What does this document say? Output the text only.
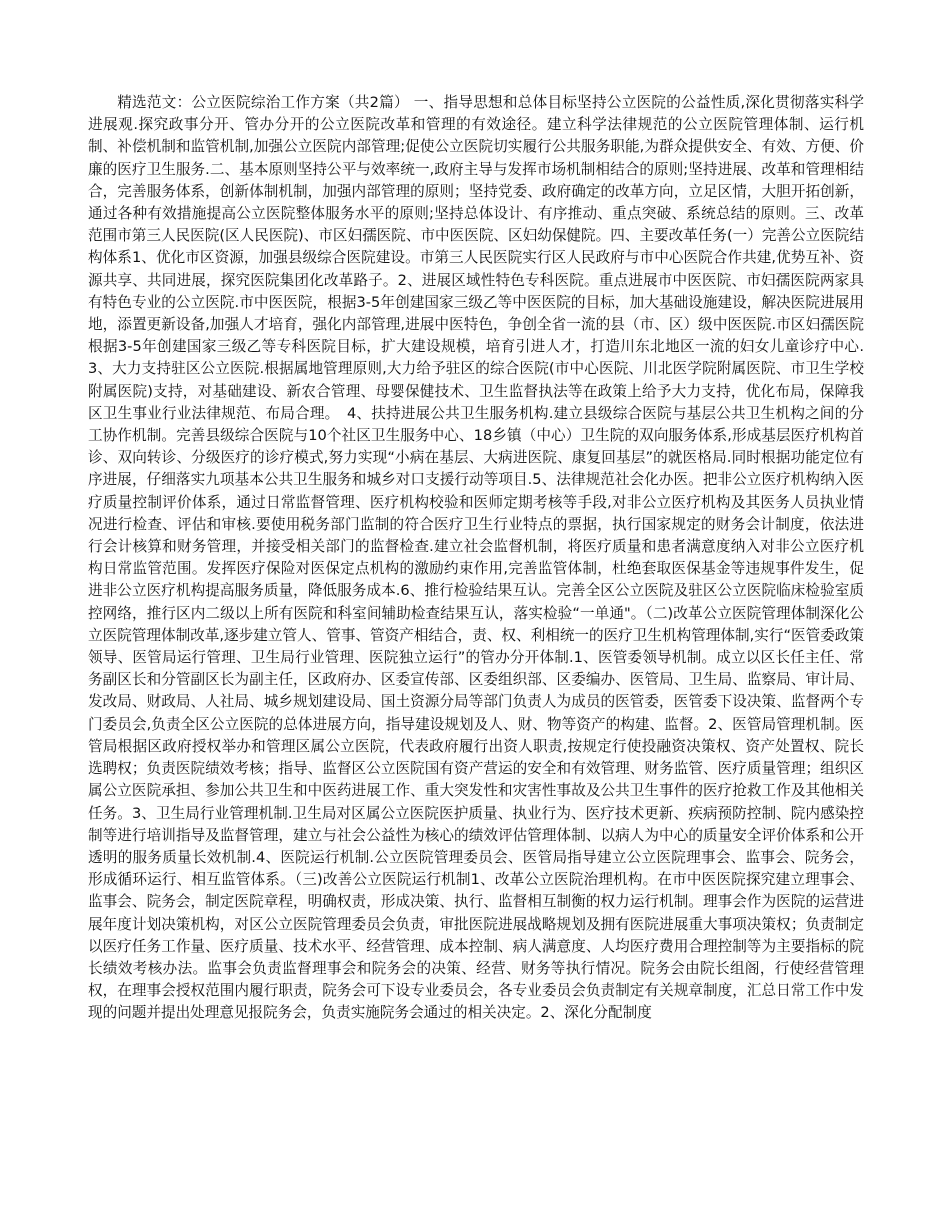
精选范文：公立医院综治工作方案（共2篇） 一、指导思想和总体目标坚持公立医院的公益性质,深化贯彻落实科学进展观.探究政事分开、管办分开的公立医院改革和管理的有效途径。建立科学法律规范的公立医院管理体制、运行机制、补偿机制和监管机制,加强公立医院内部管理;促使公立医院切实履行公共服务职能,为群众提供安全、有效、方便、价廉的医疗卫生服务.二、基本原则坚持公平与效率统一,政府主导与发挥市场机制相结合的原则;坚持进展、改革和管理相结合，完善服务体系，创新体制机制，加强内部管理的原则；坚持党委、政府确定的改革方向，立足区情，大胆开拓创新，通过各种有效措施提高公立医院整体服务水平的原则;坚持总体设计、有序推动、重点突破、系统总结的原则。三、改革范围市第三人民医院(区人民医院)、市区妇孺医院、市中医医院、区妇幼保健院。四、主要改革任务(一）完善公立医院结构体系1、优化市区资源，加强县级综合医院建设。市第三人民医院实行区人民政府与市中心医院合作共建,优势互补、资源共享、共同进展，探究医院集团化改革路子。2、进展区域性特色专科医院。重点进展市中医医院、市妇孺医院两家具有特色专业的公立医院.市中医医院，根据3-5年创建国家三级乙等中医医院的目标，加大基础设施建设，解决医院进展用地，添置更新设备,加强人才培育，强化内部管理,进展中医特色，争创全省一流的县（市、区）级中医医院.市区妇孺医院根据3-5年创建国家三级乙等专科医院目标，扩大建设规模，培育引进人才，打造川东北地区一流的妇女儿童诊疗中心.3、大力支持驻区公立医院.根据属地管理原则,大力给予驻区的综合医院(市中心医院、川北医学院附属医院、市卫生学校附属医院)支持，对基础建设、新农合管理、母婴保健技术、卫生监督执法等在政策上给予大力支持，优化布局，保障我区卫生事业行业法律规范、布局合理。　4、扶持进展公共卫生服务机构.建立县级综合医院与基层公共卫生机构之间的分工协作机制。完善县级综合医院与10个社区卫生服务中心、18乡镇（中心）卫生院的双向服务体系,形成基层医疗机构首诊、双向转诊、分级医疗的诊疗模式,努力实现“小病在基层、大病进医院、康复回基层”的就医格局.同时根据功能定位有序进展，仔细落实九项基本公共卫生服务和城乡对口支援行动等项目.5、法律规范社会化办医。把非公立医疗机构纳入医疗质量控制评价体系，通过日常监督管理、医疗机构校验和医师定期考核等手段,对非公立医疗机构及其医务人员执业情况进行检查、评估和审核.要使用税务部门监制的符合医疗卫生行业特点的票据，执行国家规定的财务会计制度，依法进行会计核算和财务管理，并接受相关部门的监督检查.建立社会监督机制，将医疗质量和患者满意度纳入对非公立医疗机构日常监管范围。发挥医疗保险对医保定点机构的激励约束作用,完善监管体制，杜绝套取医保基金等违规事件发生，促进非公立医疗机构提高服务质量，降低服务成本.6、推行检验结果互认。完善全区公立医院及驻区公立医院临床检验室质控网络，推行区内二级以上所有医院和科室间辅助检查结果互认，落实检验“一单通"。（二)改革公立医院管理体制深化公立医院管理体制改革,逐步建立管人、管事、管资产相结合，责、权、利相统一的医疗卫生机构管理体制,实行“医管委政策领导、医管局运行管理、卫生局行业管理、医院独立运行”的管办分开体制.1、医管委领导机制。成立以区长任主任、常务副区长和分管副区长为副主任，区政府办、区委宣传部、区委组织部、区委编办、医管局、卫生局、监察局、审计局、发改局、财政局、人社局、城乡规划建设局、国土资源分局等部门负责人为成员的医管委，医管委下设决策、监督两个专门委员会,负责全区公立医院的总体进展方向，指导建设规划及人、财、物等资产的构建、监督。2、医管局管理机制。医管局根据区政府授权举办和管理区属公立医院，代表政府履行出资人职责,按规定行使投融资决策权、资产处置权、院长选聘权；负责医院绩效考核；指导、监督区公立医院国有资产营运的安全和有效管理、财务监管、医疗质量管理；组织区属公立医院承担、参加公共卫生和中医药进展工作、重大突发性和灾害性事故及公共卫生事件的医疗抢救工作及其他相关任务。3、卫生局行业管理机制.卫生局对区属公立医院医护质量、执业行为、医疗技术更新、疾病预防控制、院内感染控制等进行培训指导及监督管理，建立与社会公益性为核心的绩效评估管理体制、以病人为中心的质量安全评价体系和公开透明的服务质量长效机制.4、医院运行机制.公立医院管理委员会、医管局指导建立公立医院理事会、监事会、院务会，形成循环运行、相互监管体系。（三)改善公立医院运行机制1、改革公立医院治理机构。在市中医医院探究建立理事会、监事会、院务会，制定医院章程，明确权责，形成决策、执行、监督相互制衡的权力运行机制。理事会作为医院的运营进展年度计划决策机构，对区公立医院管理委员会负责，审批医院进展战略规划及拥有医院进展重大事项决策权；负责制定以医疗任务工作量、医疗质量、技术水平、经营管理、成本控制、病人满意度、人均医疗费用合理控制等为主要指标的院长绩效考核办法。监事会负责监督理事会和院务会的决策、经营、财务等执行情况。院务会由院长组阁，行使经营管理权，在理事会授权范围内履行职责，院务会可下设专业委员会，各专业委员会负责制定有关规章制度，汇总日常工作中发现的问题并提出处理意见报院务会，负责实施院务会通过的相关决定。2、深化分配制度
